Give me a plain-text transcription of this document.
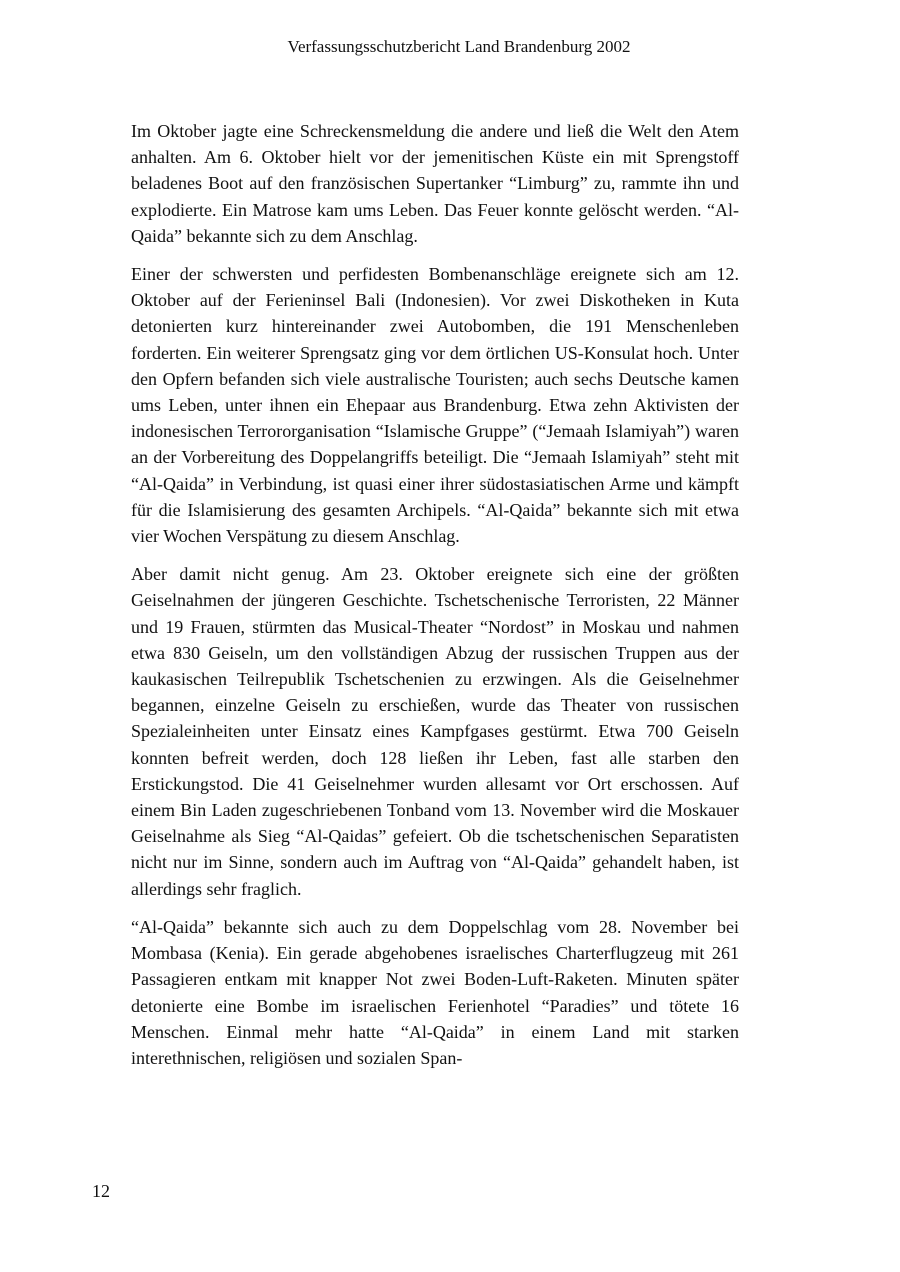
Verfassungsschutzbericht Land Brandenburg 2002

Im Oktober jagte eine Schreckensmeldung die andere und ließ die Welt den Atem anhalten. Am 6. Oktober hielt vor der jemenitischen Küste ein mit Sprengstoff beladenes Boot auf den französischen Supertanker “Limburg” zu, rammte ihn und explodierte. Ein Matrose kam ums Leben. Das Feuer konnte gelöscht werden. “Al-Qaida” bekannte sich zu dem Anschlag.

Einer der schwersten und perfidesten Bombenanschläge ereignete sich am 12. Oktober auf der Ferieninsel Bali (Indonesien). Vor zwei Diskotheken in Kuta detonierten kurz hintereinander zwei Autobomben, die 191 Menschenleben forderten. Ein weiterer Sprengsatz ging vor dem örtlichen US-Konsulat hoch. Unter den Opfern befanden sich viele australische Touristen; auch sechs Deutsche kamen ums Leben, unter ihnen ein Ehepaar aus Brandenburg. Etwa zehn Aktivisten der indonesischen Terrororganisation “Islamische Gruppe” (“Jemaah Islamiyah”) waren an der Vorbereitung des Doppelangriffs beteiligt. Die “Jemaah Islamiyah” steht mit “Al-Qaida” in Verbindung, ist quasi einer ihrer südostasiatischen Arme und kämpft für die Islamisierung des gesamten Archipels. “Al-Qaida” bekannte sich mit etwa vier Wochen Verspätung zu diesem Anschlag.

Aber damit nicht genug. Am 23. Oktober ereignete sich eine der größten Geiselnahmen der jüngeren Geschichte. Tschetschenische Terroristen, 22 Männer und 19 Frauen, stürmten das Musical-Theater “Nordost” in Moskau und nahmen etwa 830 Geiseln, um den vollständigen Abzug der russischen Truppen aus der kaukasischen Teilrepublik Tschetschenien zu erzwingen. Als die Geiselnehmer begannen, einzelne Geiseln zu erschießen, wurde das Theater von russischen Spezialeinheiten unter Einsatz eines Kampfgases gestürmt. Etwa 700 Geiseln konnten befreit werden, doch 128 ließen ihr Leben, fast alle starben den Erstickungstod. Die 41 Geiselnehmer wurden allesamt vor Ort erschossen. Auf einem Bin Laden zugeschriebenen Tonband vom 13. November wird die Moskauer Geiselnahme als Sieg “Al-Qaidas” gefeiert. Ob die tschetschenischen Separatisten nicht nur im Sinne, sondern auch im Auftrag von “Al-Qaida” gehandelt haben, ist allerdings sehr fraglich.

“Al-Qaida” bekannte sich auch zu dem Doppelschlag vom 28. November bei Mombasa (Kenia). Ein gerade abgehobenes israelisches Charterflugzeug mit 261 Passagieren entkam mit knapper Not zwei Boden-Luft-Raketen. Minuten später detonierte eine Bombe im israelischen Ferienhotel “Paradies” und tötete 16 Menschen. Einmal mehr hatte “Al-Qaida” in einem Land mit starken interethnischen, religiösen und sozialen Span-

12
